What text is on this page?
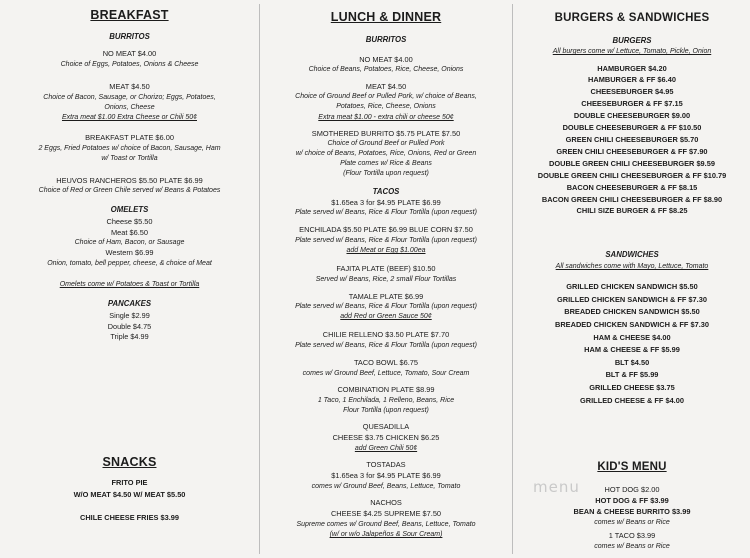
BREAKFAST
BURRITOS
NO MEAT $4.00
Choice of Eggs, Potatoes, Onions & Cheese
MEAT $4.50
Choice of Bacon, Sausage, or Chorizo; Eggs, Potatoes,
Onions, Cheese
Extra meat $1.00 Extra Cheese or Chili 50¢
BREAKFAST PLATE $6.00
2 Eggs, Fried Potatoes w/ choice of Bacon, Sausage, Ham
w/ Toast or Tortilla
HEUVOS RANCHEROS $5.50 PLATE $6.99
Choice of Red or Green Chile served w/ Beans & Potatoes
OMELETS
Cheese $5.50
Meat $6.50
Choice of Ham, Bacon, or Sausage
Western $6.99
Onion, tomato, bell pepper, cheese, & choice of Meat
Omelets come w/ Potatoes & Toast or Tortilla
PANCAKES
Single $2.99
Double $4.75
Triple $4.99
SNACKS
FRITO PIE
W/O MEAT $4.50 W/ MEAT $5.50
CHILE CHEESE FRIES $3.99
LUNCH & DINNER
BURRITOS
NO MEAT $4.00
Choice of Beans, Potatoes, Rice, Cheese, Onions
MEAT $4.50
Choice of Ground Beef or Pulled Pork, w/ choice of Beans,
Potatoes, Rice, Cheese, Onions
Extra meat $1.00 - extra chili or cheese 50¢
SMOTHERED BURRITO $5.75 PLATE $7.50
Choice of Ground Beef or Pulled Pork
w/ choice of Beans, Potatoes, Rice, Onions, Red or Green
Plate comes w/ Rice & Beans
(Flour Tortilla upon request)
TACOS
$1.65ea 3 for $4.95 PLATE $6.99
Plate served w/ Beans, Rice & Flour Tortilla (upon request)
ENCHILADA $5.50 PLATE $6.99 BLUE CORN $7.50
Plate served w/ Beans, Rice & Flour Tortilla (upon request)
add Meat or Egg $1.00ea
FAJITA PLATE (BEEF) $10.50
Served w/ Beans, Rice, 2 small Flour Tortillas
TAMALE PLATE $6.99
Plate served w/ Beans, Rice & Flour Tortilla (upon request)
add Red or Green Sauce 50¢
CHILIE RELLENO $3.50 PLATE $7.70
Plate served w/ Beans, Rice & Flour Tortilla (upon request)
TACO BOWL $6.75
comes w/ Ground Beef, Lettuce, Tomato, Sour Cream
COMBINATION PLATE $8.99
1 Taco, 1 Enchilada, 1 Relleno, Beans, Rice
Flour Tortilla (upon request)
QUESADILLA
CHEESE $3.75 CHICKEN $6.25
add Green Chili 50¢
TOSTADAS
$1.65ea 3 for $4.95 PLATE $6.99
comes w/ Ground Beef, Beans, Lettuce, Tomato
NACHOS
CHEESE $4.25 SUPREME $7.50
Supreme comes w/ Ground Beef, Beans, Lettuce, Tomato
(w/ or w/o Jalapeños & Sour Cream)
BURGERS & SANDWICHES
BURGERS
All burgers come w/ Lettuce, Tomato, Pickle, Onion
HAMBURGER $4.20
HAMBURGER & FF $6.40
CHEESEBURGER $4.95
CHEESEBURGER & FF $7.15
DOUBLE CHEESEBURGER $9.00
DOUBLE CHEESEBURGER & FF $10.50
GREEN CHILI CHEESEBURGER $5.70
GREEN CHILI CHEESEBURGER & FF $7.90
DOUBLE GREEN CHILI CHEESEBURGER $9.59
DOUBLE GREEN CHILI CHEESEBURGER & FF $10.79
BACON CHEESEBURGER & FF $8.15
BACON GREEN CHILI CHEESEBURGER & FF $8.90
CHILI SIZE BURGER & FF $8.25
SANDWICHES
All sandwiches come with Mayo, Lettuce, Tomato
GRILLED CHICKEN SANDWICH $5.50
GRILLED CHICKEN SANDWICH & FF $7.30
BREADED CHICKEN SANDWICH $5.50
BREADED CHICKEN SANDWICH & FF $7.30
HAM & CHEESE $4.00
HAM & CHEESE & FF $5.99
BLT $4.50
BLT & FF $5.99
GRILLED CHEESE $3.75
GRILLED CHEESE & FF $4.00
KID'S MENU
HOT DOG $2.00
HOT DOG & FF $3.99
BEAN & CHEESE BURRITO $3.99
comes w/ Beans or Rice
1 TACO $3.99
comes w/ Beans or Rice
menu
